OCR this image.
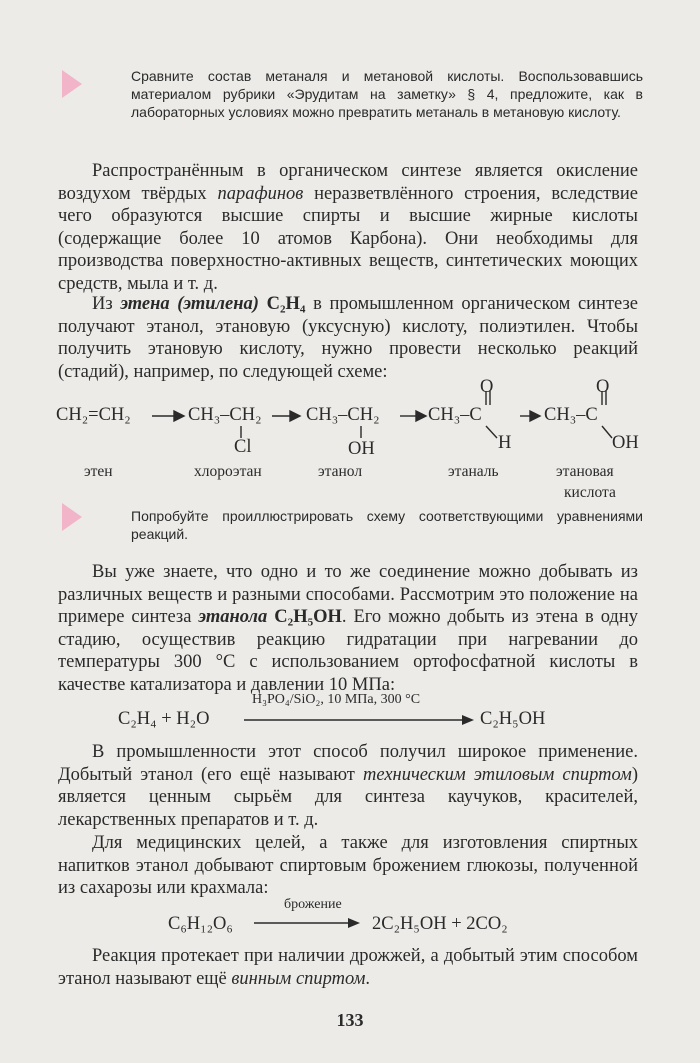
Сравните состав метаналя и метановой кислоты. Воспользовавшись материалом рубрики «Эрудитам на заметку» § 4, предложите, как в лабораторных условиях можно превратить метаналь в метановую кислоту.

Распространённым в органическом синтезе является окисление воздухом твёрдых парафинов неразветвлённого строения, вследствие чего образуются высшие спирты и высшие жирные кислоты (содержащие более 10 атомов Карбона). Они необходимы для производства поверхностно-активных веществ, синтетических моющих средств, мыла и т. д.

Из этена (этилена) C₂H₄ в промышленном органическом синтезе получают этанол, этановую (уксусную) кислоту, полиэтилен. Чтобы получить этановую кислоту, нужно провести несколько реакций (стадий), например, по следующей схеме:

CH₂=CH₂	CH₃–CH₂
Cl
CH₃–CH₂
OH
CH₃–C
O
H
CH₃–C
O
OH
этен	хлороэтан	этанол	этаналь	этановая
кислота
Попробуйте проиллюстрировать схему соответствующими уравнениями реакций.

Вы уже знаете, что одно и то же соединение можно добывать из различных веществ и разными способами. Рассмотрим это положение на примере синтеза этанола C₂H₅OH. Его можно добыть из этена в одну стадию, осуществив реакцию гидратации при нагревании до температуры 300 °С с использованием ортофосфатной кислоты в качестве катализатора и давлении 10 МПа:

C₂H₄ + H₂O
H₃PO₄/SiO₂, 10 МПа, 300 °С
C₂H₅OH

В промышленности этот способ получил широкое применение. Добытый этанол (его ещё называют техническим этиловым спиртом) является ценным сырьём для синтеза каучуков, красителей, лекарственных препаратов и т. д.

Для медицинских целей, а также для изготовления спиртных напитков этанол добывают спиртовым брожением глюкозы, полученной из сахарозы или крахмала:

C₆H₁₂O₆
брожение
2C₂H₅OH + 2CO₂

Реакция протекает при наличии дрожжей, а добытый этим способом этанол называют ещё винным спиртом.

133
